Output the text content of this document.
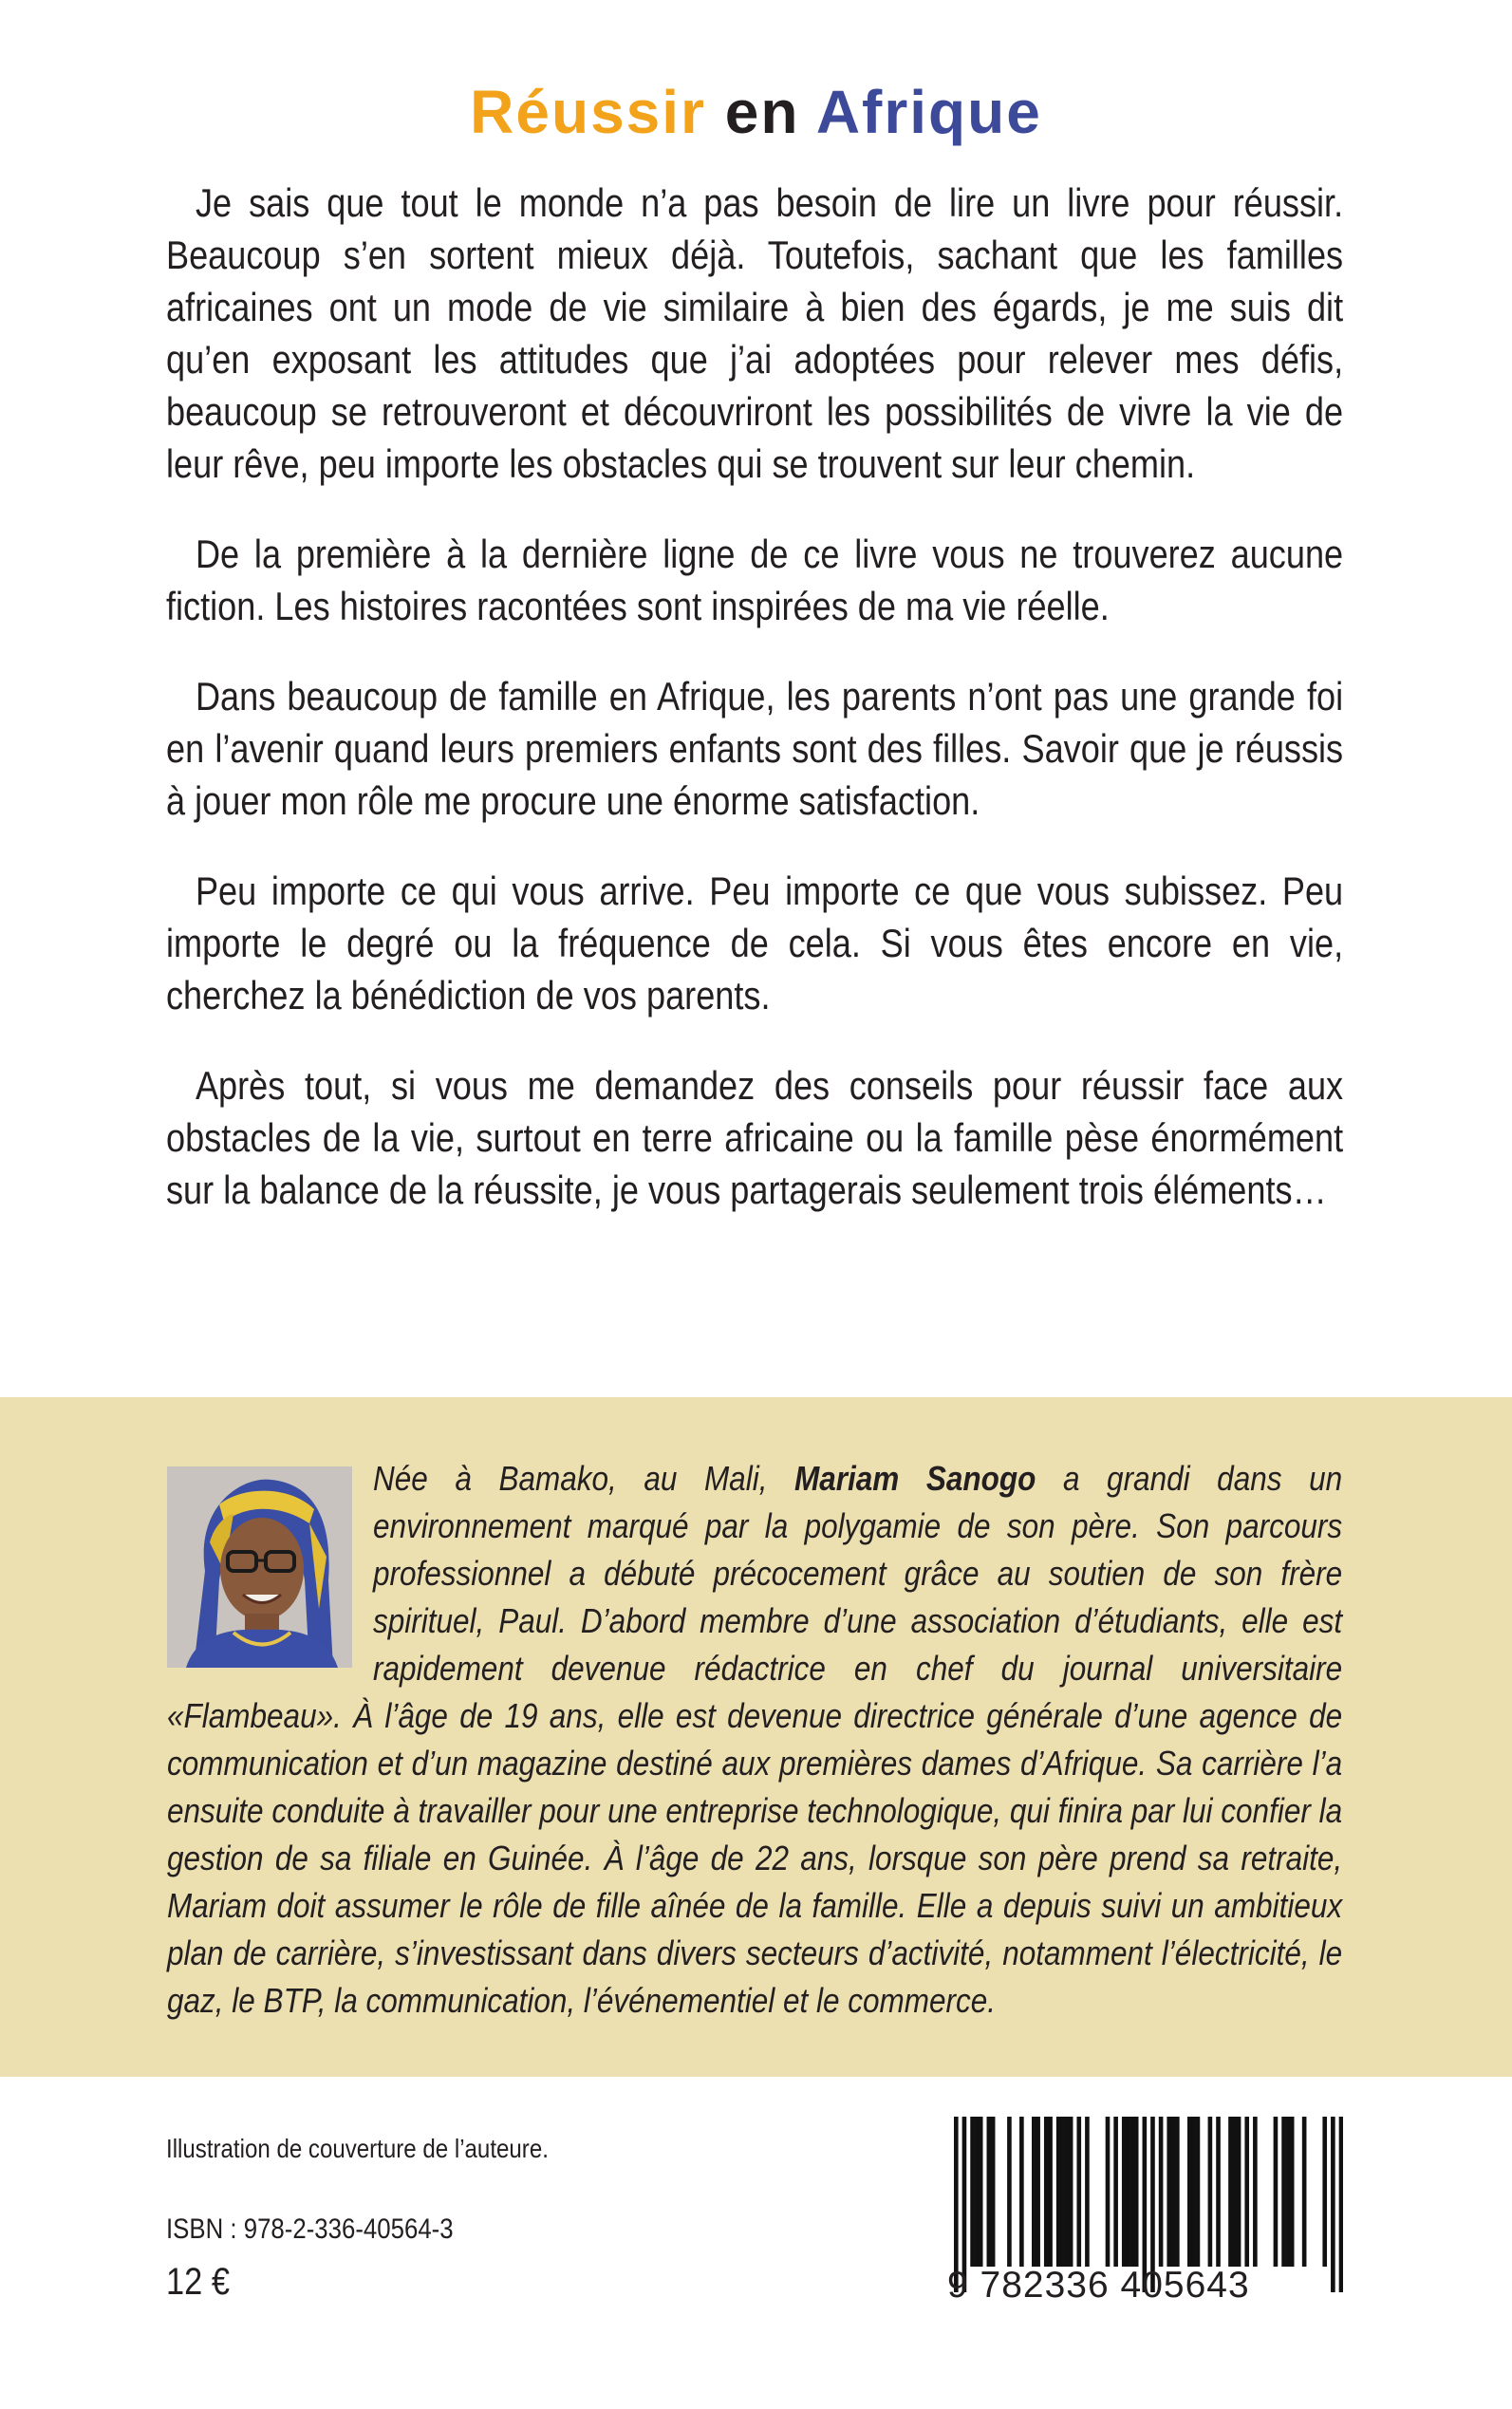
Réussir en Afrique

Je sais que tout le monde n’a pas besoin de lire un livre pour réussir. Beaucoup s’en sortent mieux déjà. Toutefois, sachant que les familles africaines ont un mode de vie similaire à bien des égards, je me suis dit qu’en exposant les attitudes que j’ai adoptées pour relever mes défis, beaucoup se retrouveront et découvriront les possibilités de vivre la vie de leur rêve, peu importe les obstacles qui se trouvent sur leur chemin.

De la première à la dernière ligne de ce livre vous ne trouverez aucune fiction. Les histoires racontées sont inspirées de ma vie réelle.

Dans beaucoup de famille en Afrique, les parents n’ont pas une grande foi en l’avenir quand leurs premiers enfants sont des filles. Savoir que je réussis à jouer mon rôle me procure une énorme satisfaction.

Peu importe ce qui vous arrive. Peu importe ce que vous subissez. Peu importe le degré ou la fréquence de cela. Si vous êtes encore en vie, cherchez la bénédiction de vos parents.

Après tout, si vous me demandez des conseils pour réussir face aux obstacles de la vie, surtout en terre africaine ou la famille pèse énormément sur la balance de la réussite, je vous partagerais seulement trois éléments…

Née à Bamako, au Mali, Mariam Sanogo a grandi dans un environnement marqué par la polygamie de son père. Son parcours professionnel a débuté précocement grâce au soutien de son frère spirituel, Paul. D’abord membre d’une association d’étudiants, elle est rapidement devenue rédactrice en chef du journal universitaire «Flambeau». À l’âge de 19 ans, elle est devenue directrice générale d’une agence de communication et d’un magazine destiné aux premières dames d’Afrique. Sa carrière l’a ensuite conduite à travailler pour une entreprise technologique, qui finira par lui confier la gestion de sa filiale en Guinée. À l’âge de 22 ans, lorsque son père prend sa retraite, Mariam doit assumer le rôle de fille aînée de la famille. Elle a depuis suivi un ambitieux plan de carrière, s’investissant dans divers secteurs d’activité, notamment l’électricité, le gaz, le BTP, la communication, l’événementiel et le commerce.
Illustration de couverture de l’auteure.
ISBN : 978-2-336-40564-3
12 €	9 782336 405643
